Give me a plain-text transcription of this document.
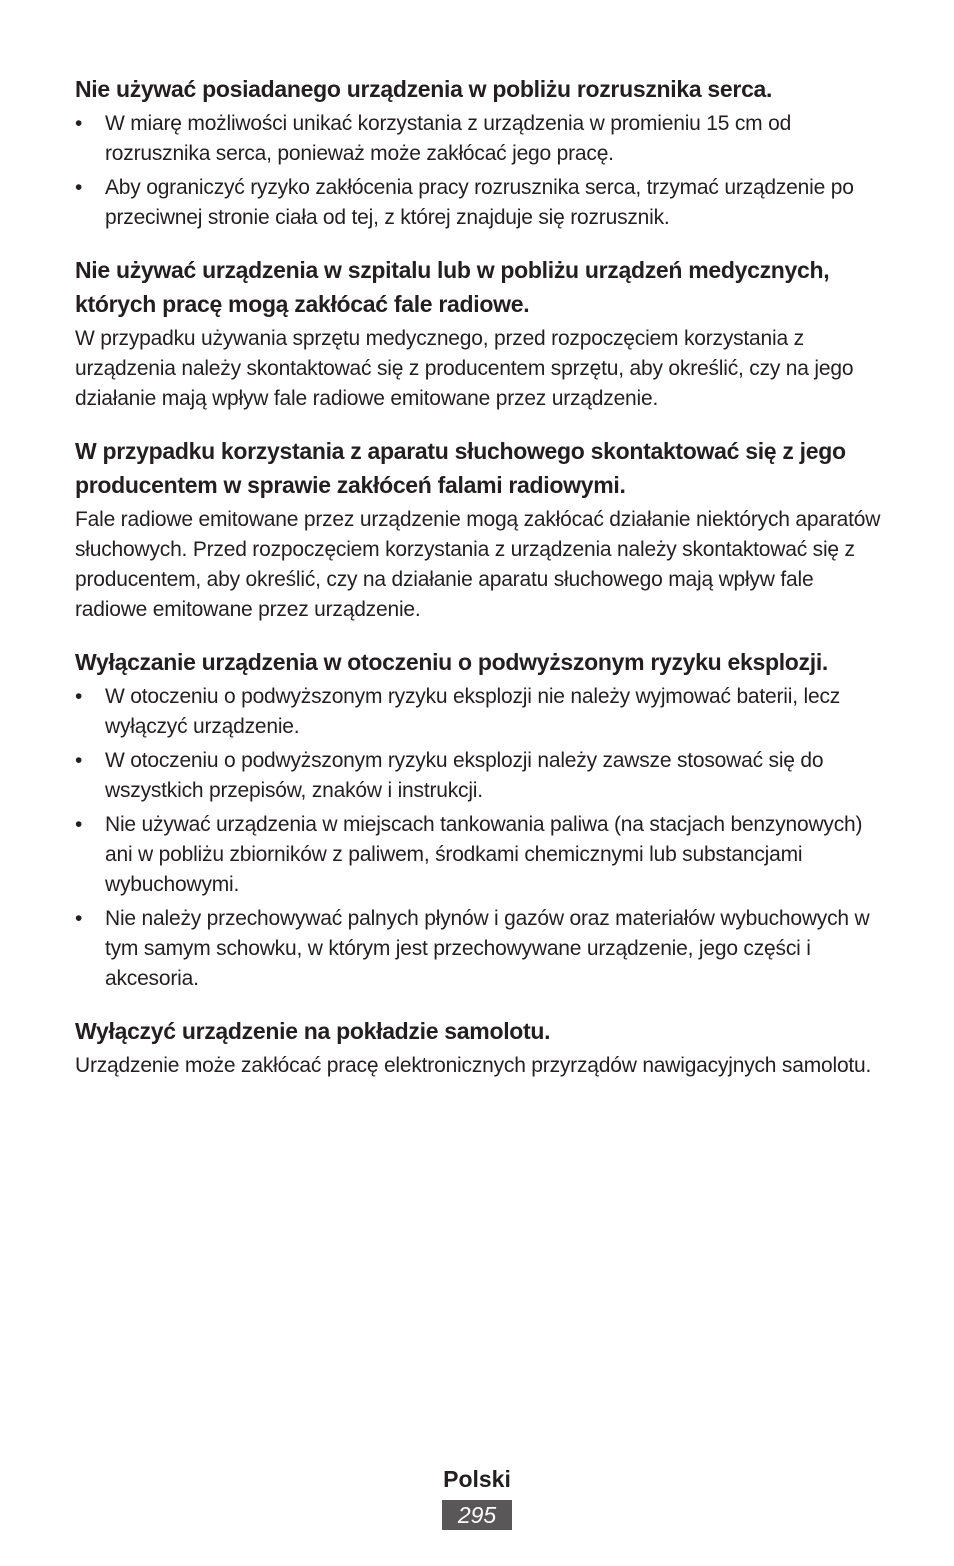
Nie używać posiadanego urządzenia w pobliżu rozrusznika serca.
• W miarę możliwości unikać korzystania z urządzenia w promieniu 15 cm od rozrusznika serca, ponieważ może zakłócać jego pracę.
• Aby ograniczyć ryzyko zakłócenia pracy rozrusznika serca, trzymać urządzenie po przeciwnej stronie ciała od tej, z której znajduje się rozrusznik.
Nie używać urządzenia w szpitalu lub w pobliżu urządzeń medycznych, których pracę mogą zakłócać fale radiowe.

W przypadku używania sprzętu medycznego, przed rozpoczęciem korzystania z urządzenia należy skontaktować się z producentem sprzętu, aby określić, czy na jego działanie mają wpływ fale radiowe emitowane przez urządzenie.

W przypadku korzystania z aparatu słuchowego skontaktować się z jego producentem w sprawie zakłóceń falami radiowymi.

Fale radiowe emitowane przez urządzenie mogą zakłócać działanie niektórych aparatów słuchowych. Przed rozpoczęciem korzystania z urządzenia należy skontaktować się z producentem, aby określić, czy na działanie aparatu słuchowego mają wpływ fale radiowe emitowane przez urządzenie.

Wyłączanie urządzenia w otoczeniu o podwyższonym ryzyku eksplozji.
• W otoczeniu o podwyższonym ryzyku eksplozji nie należy wyjmować baterii, lecz wyłączyć urządzenie.
• W otoczeniu o podwyższonym ryzyku eksplozji należy zawsze stosować się do wszystkich przepisów, znaków i instrukcji.
• Nie używać urządzenia w miejscach tankowania paliwa (na stacjach benzynowych) ani w pobliżu zbiorników z paliwem, środkami chemicznymi lub substancjami wybuchowymi.
• Nie należy przechowywać palnych płynów i gazów oraz materiałów wybuchowych w tym samym schowku, w którym jest przechowywane urządzenie, jego części i akcesoria.
Wyłączyć urządzenie na pokładzie samolotu.

Urządzenie może zakłócać pracę elektronicznych przyrządów nawigacyjnych samolotu.

Polski
295
